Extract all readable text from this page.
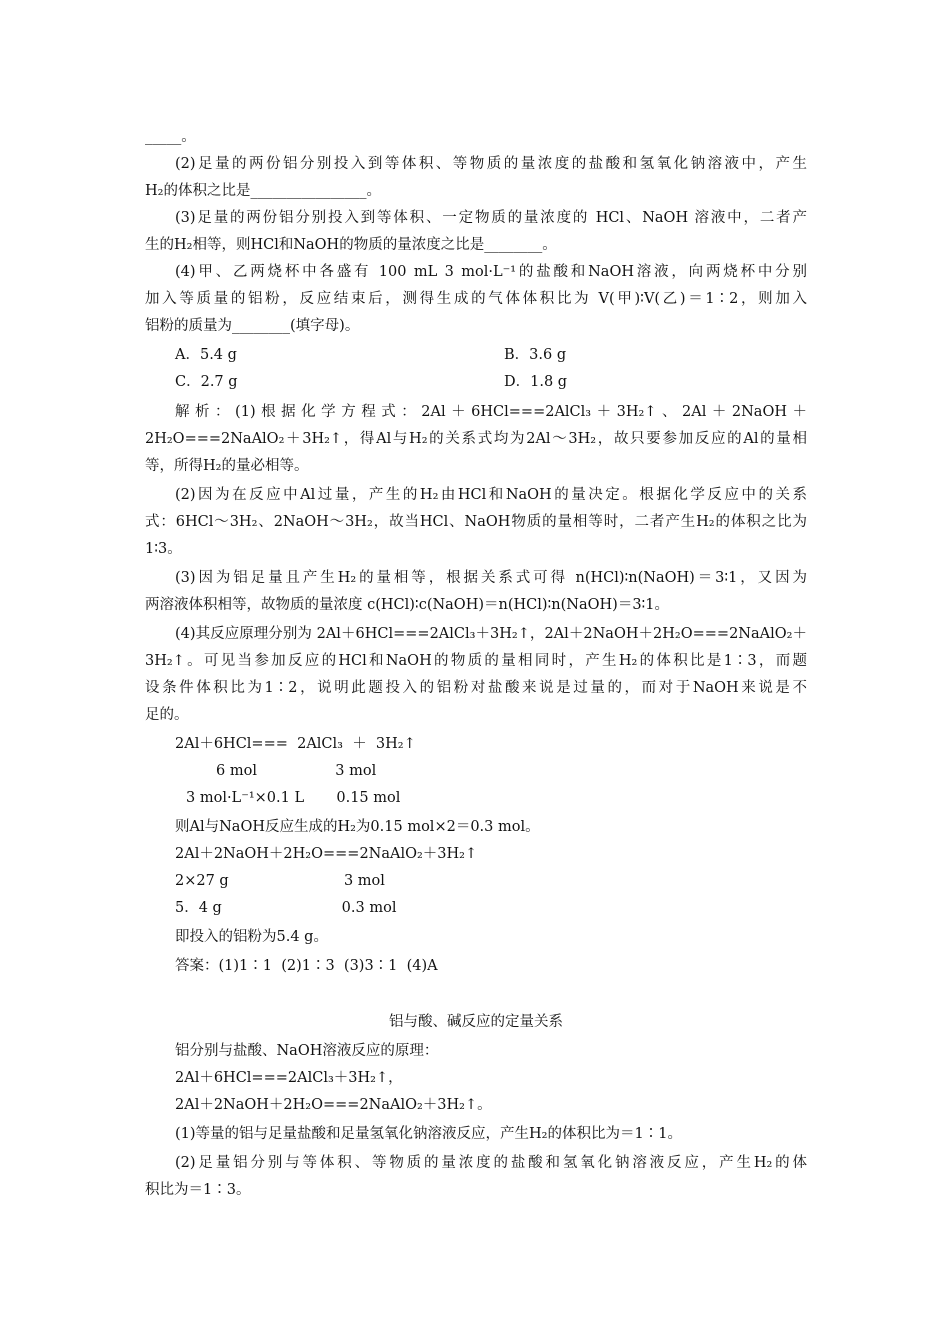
_____。
(2)足量的两份铝分别投入到等体积、等物质的量浓度的盐酸和氢氧化钠溶液中，产生
H₂的体积之比是________________。
(3)足量的两份铝分别投入到等体积、一定物质的量浓度的 HCl、NaOH 溶液中，二者产
生的H₂相等，则HCl和NaOH的物质的量浓度之比是________。
(4)甲、乙两烧杯中各盛有 100 mL 3 mol·L⁻¹的盐酸和NaOH溶液，向两烧杯中分别
加入等质量的铝粉，反应结束后，测得生成的气体体积比为 V(甲)∶V(乙)＝1∶2，则加入
铝粉的质量为________(填字母)。
A．5.4 g	B．3.6 g
C．2.7 g	D．1.8 g
解析：(1)根据化学方程式：2Al＋6HCl===2AlCl₃＋3H₂↑、2Al＋2NaOH＋
2H₂O===2NaAlO₂＋3H₂↑，得Al与H₂的关系式均为2Al～3H₂，故只要参加反应的Al的量相
等，所得H₂的量必相等。
(2)因为在反应中Al过量，产生的H₂由HCl和NaOH的量决定。根据化学反应中的关系
式：6HCl～3H₂、2NaOH～3H₂，故当HCl、NaOH物质的量相等时，二者产生H₂的体积之比为
1∶3。
(3)因为铝足量且产生H₂的量相等，根据关系式可得 n(HCl)∶n(NaOH)＝3∶1，又因为
两溶液体积相等，故物质的量浓度 c(HCl)∶c(NaOH)＝n(HCl)∶n(NaOH)＝3∶1。
(4)其反应原理分别为 2Al＋6HCl===2AlCl₃＋3H₂↑，2Al＋2NaOH＋2H₂O===2NaAlO₂＋
3H₂↑。可见当参加反应的HCl和NaOH的物质的量相同时，产生H₂的体积比是1∶3，而题
设条件体积比为1∶2，说明此题投入的铝粉对盐酸来说是过量的，而对于NaOH来说是不
足的。
2Al＋6HCl===  2AlCl₃  ＋  3H₂↑
6 mol                 3 mol
3 mol·L⁻¹×0.1 L       0.15 mol
则Al与NaOH反应生成的H₂为0.15 mol×2＝0.3 mol。
2Al＋2NaOH＋2H₂O===2NaAlO₂＋3H₂↑
2×27 g                         3 mol
5．4 g                          0.3 mol
即投入的铝粉为5.4 g。
答案：(1)1∶1  (2)1∶3  (3)3∶1  (4)A
铝与酸、碱反应的定量关系
铝分别与盐酸、NaOH溶液反应的原理：
2Al＋6HCl===2AlCl₃＋3H₂↑，
2Al＋2NaOH＋2H₂O===2NaAlO₂＋3H₂↑。
(1)等量的铝与足量盐酸和足量氢氧化钠溶液反应，产生H₂的体积比为＝1∶1。
(2)足量铝分别与等体积、等物质的量浓度的盐酸和氢氧化钠溶液反应，产生H₂的体
积比为＝1∶3。
